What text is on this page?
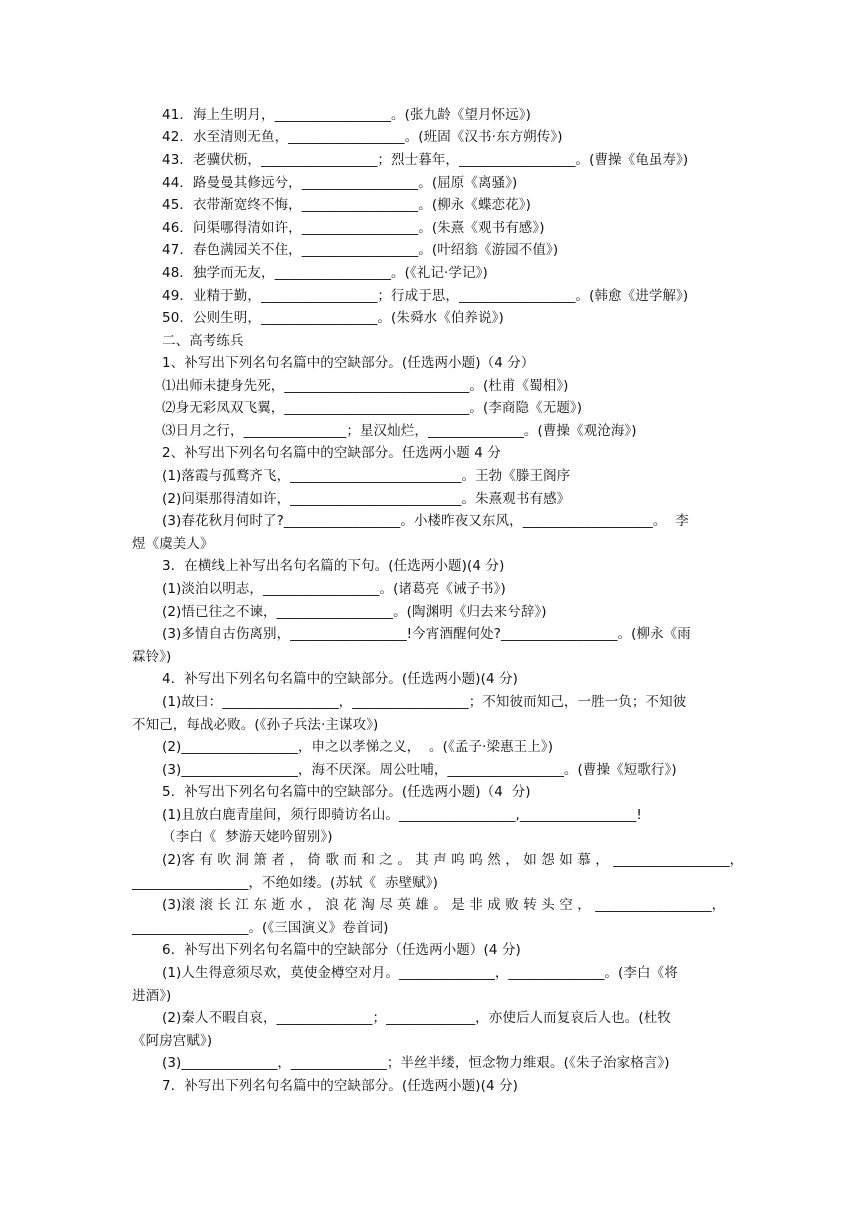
41．海上生明月，_________________。(张九龄《望月怀远》)
42．水至清则无鱼，_________________。(班固《汉书·东方朔传》)
43．老骥伏枥，_________________；烈士暮年，_________________。(曹操《龟虽寿》)
44．路曼曼其修远兮，_________________。(屈原《离骚》)
45．衣带渐宽终不悔，_________________。(柳永《蝶恋花》)
46．问渠哪得清如许，_________________。(朱熹《观书有感》)
47．春色满园关不住，_________________。(叶绍翁《游园不值》)
48．独学而无友，_________________。(《礼记·学记》)
49．业精于勤，_________________；行成于思，_________________。(韩愈《进学解》)
50．公则生明，_________________。(朱舜水《伯养说》)
二、高考练兵
1、补写出下列名句名篇中的空缺部分。(任选两小题)（4 分）
⑴出师未捷身先死，___________________________。(杜甫《蜀相》)
⑵身无彩凤双飞翼，___________________________。(李商隐《无题》)
⑶日月之行，_______________；星汉灿烂，______________。(曹操《观沧海》)
2、补写出下列名句名篇中的空缺部分。任选两小题 4 分
(1)落霞与孤鹜齐飞，_________________________。王勃《滕王阁序
(2)问渠那得清如许，_________________________。朱熹观书有感》
(3)春花秋月何时了?_________________。小楼昨夜又东风，___________________。  李
煜《虞美人》
3．在横线上补写出名句名篇的下句。(任选两小题)(4 分)
(1)淡泊以明志，_________________。(诸葛亮《诫子书》)
(2)悟已往之不谏，_________________。(陶渊明《归去来兮辞》)
(3)多情自古伤离别，_________________!今宵酒醒何处?_________________。(柳永《雨
霖铃》)
4．补写出下列名句名篇中的空缺部分。(任选两小题)(4 分)
(1)故曰：_________________，_________________；不知彼而知己，一胜一负；不知彼
不知己，每战必败。(《孙子兵法·主谋攻》)
(2)_________________，申之以孝悌之义，  。(《孟子·梁惠王上》)
(3)_________________，海不厌深。周公吐哺，_________________。(曹操《短歌行》)
5．补写出下列名句名篇中的空缺部分。(任选两小题)（4  分)
(1)且放白鹿青崖间，须行即骑访名山。_________________,_________________!
（李白《  梦游天姥吟留别》)
(2)客 有 吹 洞 箫 者 ， 倚 歌 而 和 之 。 其 声 呜 呜 然 ， 如 怨 如 慕 ， _________________，
_________________，不绝如缕。(苏轼《  赤壁赋》)
(3)滚 滚 长 江 东 逝 水 ， 浪 花 淘 尽 英 雄 。 是 非 成 败 转 头 空 ， _________________，
_________________。(《三国演义》卷首词)
6．补写出下列名句名篇中的空缺部分（任选两小题）(4 分)
(1)人生得意须尽欢，莫使金樽空对月。______________，______________。(李白《将
进酒》)
(2)秦人不暇自哀，______________；_____________，亦使后人而复哀后人也。(杜牧
《阿房宫赋》)
(3)______________，______________；半丝半缕，恒念物力维艰。(《朱子治家格言》)
7．补写出下列名句名篇中的空缺部分。(任选两小题)(4 分)
